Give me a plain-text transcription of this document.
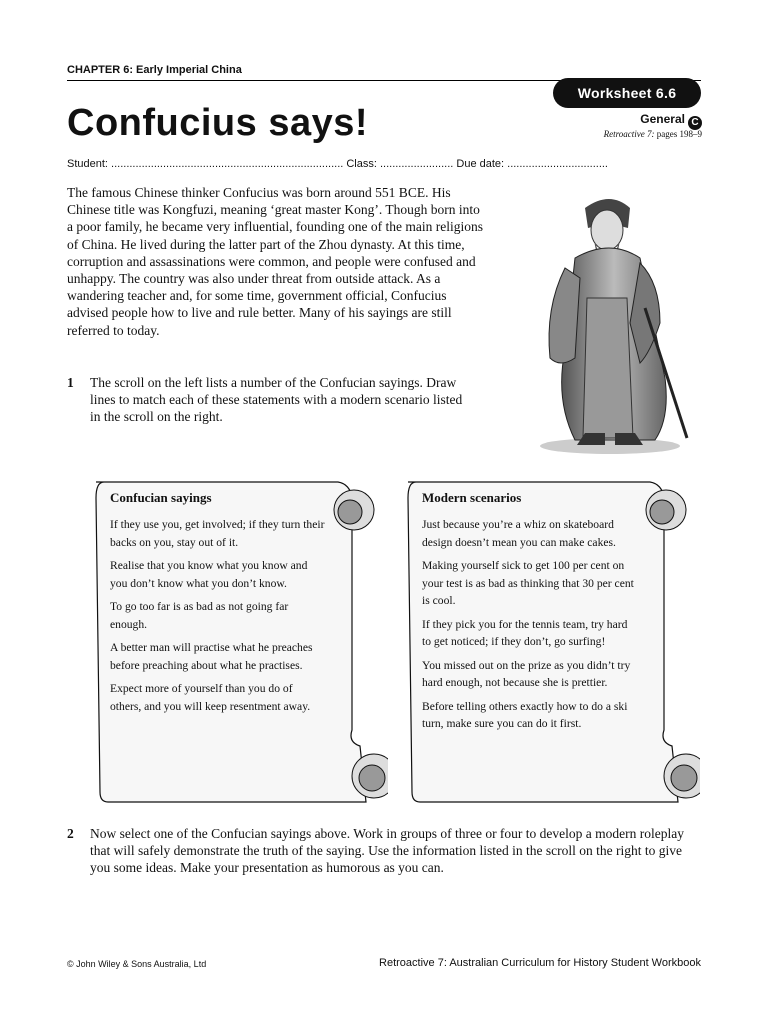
CHAPTER 6: Early Imperial China
Worksheet 6.6
Confucius says!	General C
Retroactive 7: pages 198–9
Student: ............................................................................ Class: ........................ Due date: .................................
The famous Chinese thinker Confucius was born around 551 BCE. His Chinese title was Kongfuzi, meaning ‘great master Kong’. Though born into a poor family, he became very influential, founding one of the main religions of China. He lived during the latter part of the Zhou dynasty. At this time, corruption and assassinations were common, and people were confused and unhappy. The country was also under threat from outside attack. As a wandering teacher and, for some time, government official, Confucius advised people how to live and rule better. Many of his sayings are still referred to today.
1 The scroll on the left lists a number of the Confucian sayings. Draw lines to match each of these statements with a modern scenario listed in the scroll on the right.
Confucian sayings
If they use you, get involved; if they turn their backs on you, stay out of it.
Realise that you know what you know and you don’t know what you don’t know.
To go too far is as bad as not going far enough.
A better man will practise what he preaches before preaching about what he practises.
Expect more of yourself than you do of others, and you will keep resentment away.
Modern scenarios
Just because you’re a whiz on skateboard design doesn’t mean you can make cakes.
Making yourself sick to get 100 per cent on your test is as bad as thinking that 30 per cent is cool.
If they pick you for the tennis team, try hard to get noticed; if they don’t, go surfing!
You missed out on the prize as you didn’t try hard enough, not because she is prettier.
Before telling others exactly how to do a ski turn, make sure you can do it first.
2 Now select one of the Confucian sayings above. Work in groups of three or four to develop a modern roleplay that will safely demonstrate the truth of the saying. Use the information listed in the scroll on the right to give you some ideas. Make your presentation as humorous as you can.
© John Wiley & Sons Australia, Ltd	Retroactive 7: Australian Curriculum for History Student Workbook
